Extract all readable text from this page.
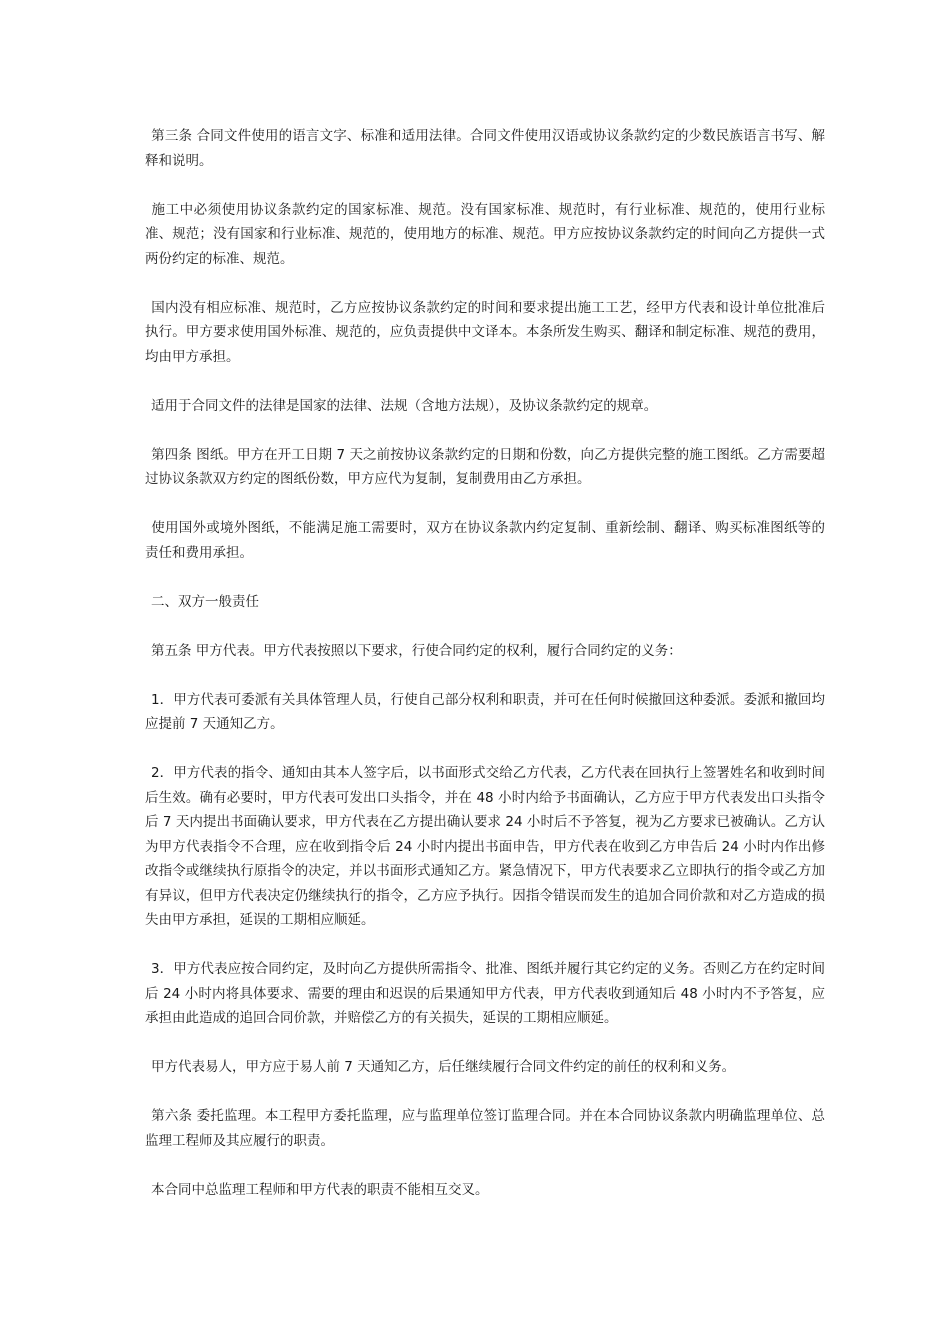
第三条 合同文件使用的语言文字、标准和适用法律。合同文件使用汉语或协议条款约定的少数民族语言书写、解释和说明。

施工中必须使用协议条款约定的国家标准、规范。没有国家标准、规范时，有行业标准、规范的，使用行业标准、规范；没有国家和行业标准、规范的，使用地方的标准、规范。甲方应按协议条款约定的时间向乙方提供一式两份约定的标准、规范。

国内没有相应标准、规范时，乙方应按协议条款约定的时间和要求提出施工工艺，经甲方代表和设计单位批准后执行。甲方要求使用国外标准、规范的，应负责提供中文译本。本条所发生购买、翻译和制定标准、规范的费用，均由甲方承担。

适用于合同文件的法律是国家的法律、法规（含地方法规），及协议条款约定的规章。

第四条 图纸。甲方在开工日期 7 天之前按协议条款约定的日期和份数，向乙方提供完整的施工图纸。乙方需要超过协议条款双方约定的图纸份数，甲方应代为复制，复制费用由乙方承担。

使用国外或境外图纸，不能满足施工需要时，双方在协议条款内约定复制、重新绘制、翻译、购买标准图纸等的责任和费用承担。

二、双方一般责任

第五条 甲方代表。甲方代表按照以下要求，行使合同约定的权利，履行合同约定的义务：

1．甲方代表可委派有关具体管理人员，行使自己部分权利和职责，并可在任何时候撤回这种委派。委派和撤回均应提前 7 天通知乙方。

2．甲方代表的指令、通知由其本人签字后，以书面形式交给乙方代表，乙方代表在回执行上签署姓名和收到时间后生效。确有必要时，甲方代表可发出口头指令，并在 48 小时内给予书面确认，乙方应于甲方代表发出口头指令后 7 天内提出书面确认要求，甲方代表在乙方提出确认要求 24 小时后不予答复，视为乙方要求已被确认。乙方认为甲方代表指令不合理，应在收到指令后 24 小时内提出书面申告，甲方代表在收到乙方申告后 24 小时内作出修改指令或继续执行原指令的决定，并以书面形式通知乙方。紧急情况下，甲方代表要求乙立即执行的指令或乙方加有异议，但甲方代表决定仍继续执行的指令，乙方应予执行。因指令错误而发生的追加合同价款和对乙方造成的损失由甲方承担，延误的工期相应顺延。

3．甲方代表应按合同约定，及时向乙方提供所需指令、批准、图纸并履行其它约定的义务。否则乙方在约定时间后 24 小时内将具体要求、需要的理由和迟误的后果通知甲方代表，甲方代表收到通知后 48 小时内不予答复，应承担由此造成的追回合同价款，并赔偿乙方的有关损失，延误的工期相应顺延。

甲方代表易人，甲方应于易人前 7 天通知乙方，后任继续履行合同文件约定的前任的权利和义务。

第六条 委托监理。本工程甲方委托监理，应与监理单位签订监理合同。并在本合同协议条款内明确监理单位、总监理工程师及其应履行的职责。

本合同中总监理工程师和甲方代表的职责不能相互交叉。
